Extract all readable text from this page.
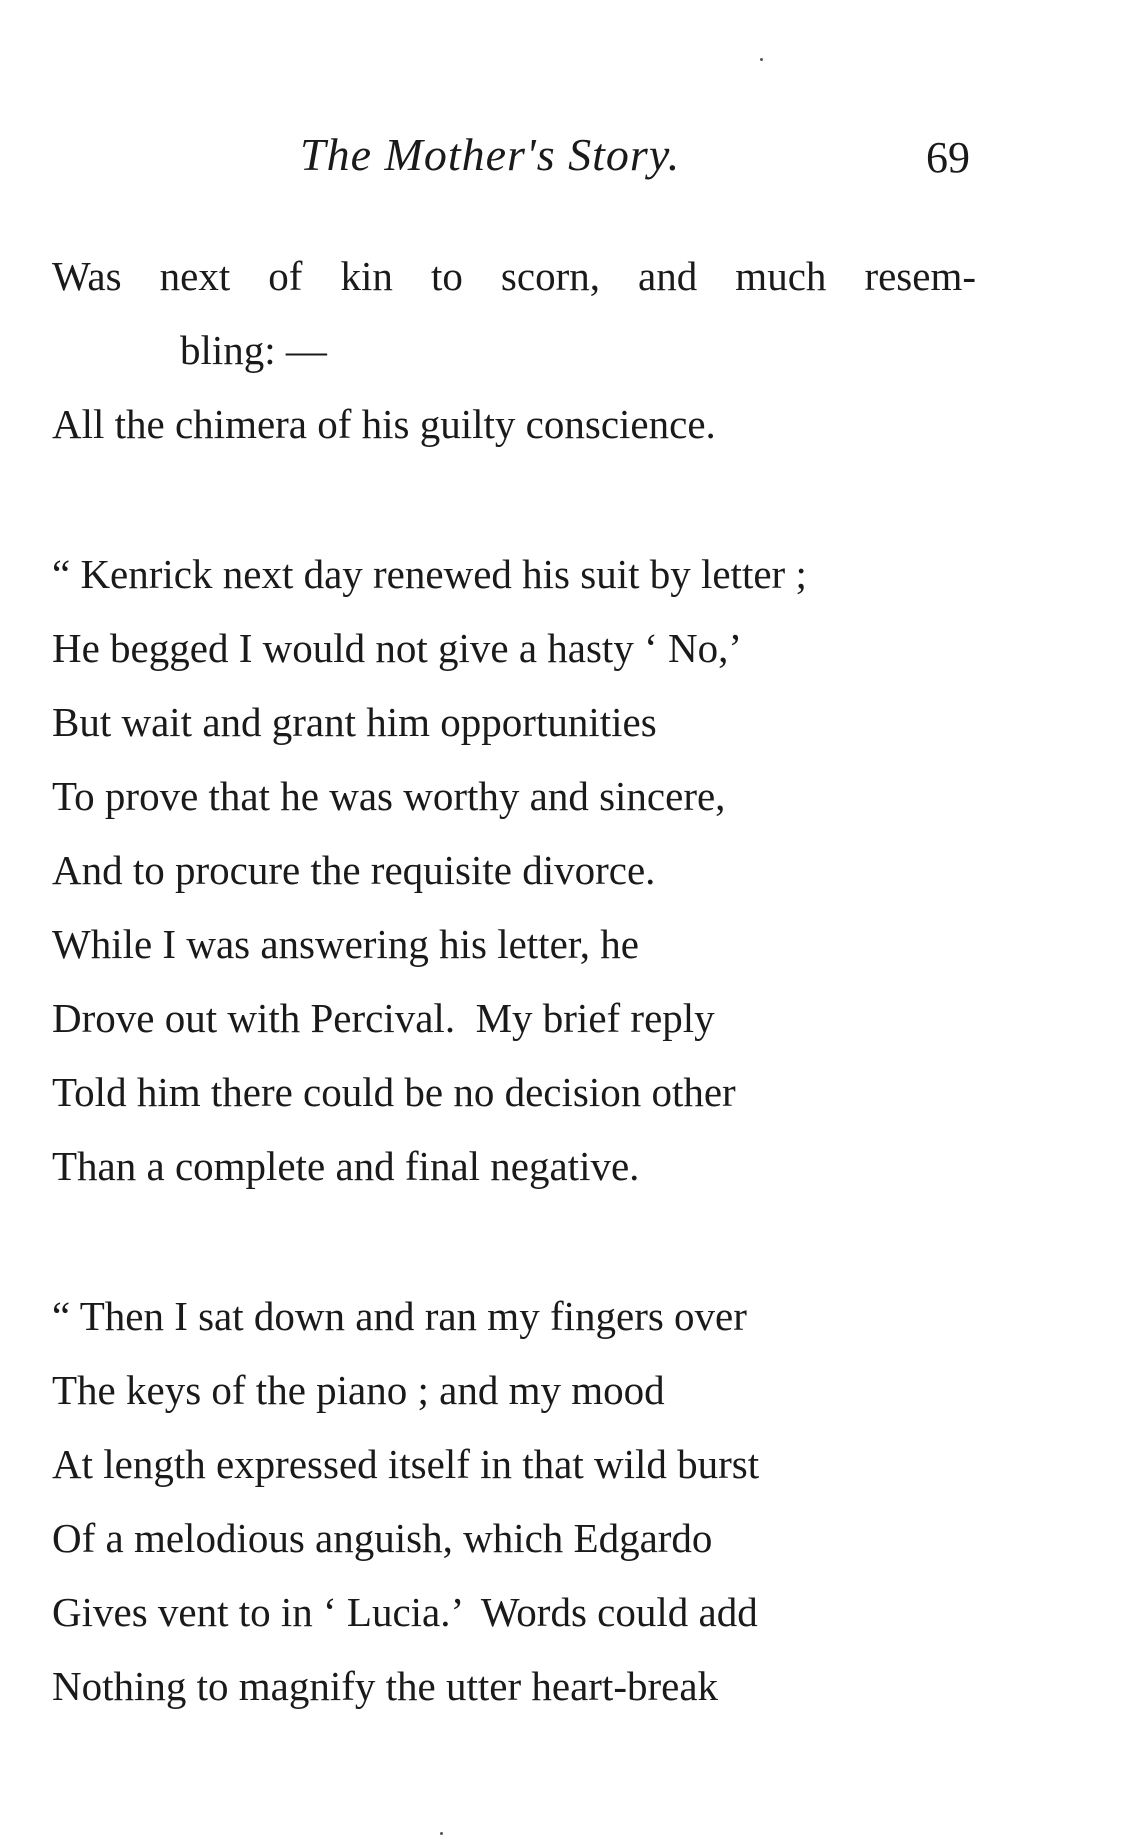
The Mother's Story.	69
Was next of kin to scorn, and much resem-
bling: —
All the chimera of his guilty conscience.
“ Kenrick next day renewed his suit by letter ;
He begged I would not give a hasty ‘ No,’
But wait and grant him opportunities
To prove that he was worthy and sincere,
And to procure the requisite divorce.
While I was answering his letter, he
Drove out with Percival.  My brief reply
Told him there could be no decision other
Than a complete and final negative.
“ Then I sat down and ran my fingers over
The keys of the piano ; and my mood
At length expressed itself in that wild burst
Of a melodious anguish, which Edgardo
Gives vent to in ‘ Lucia.’  Words could add
Nothing to magnify the utter heart-break
